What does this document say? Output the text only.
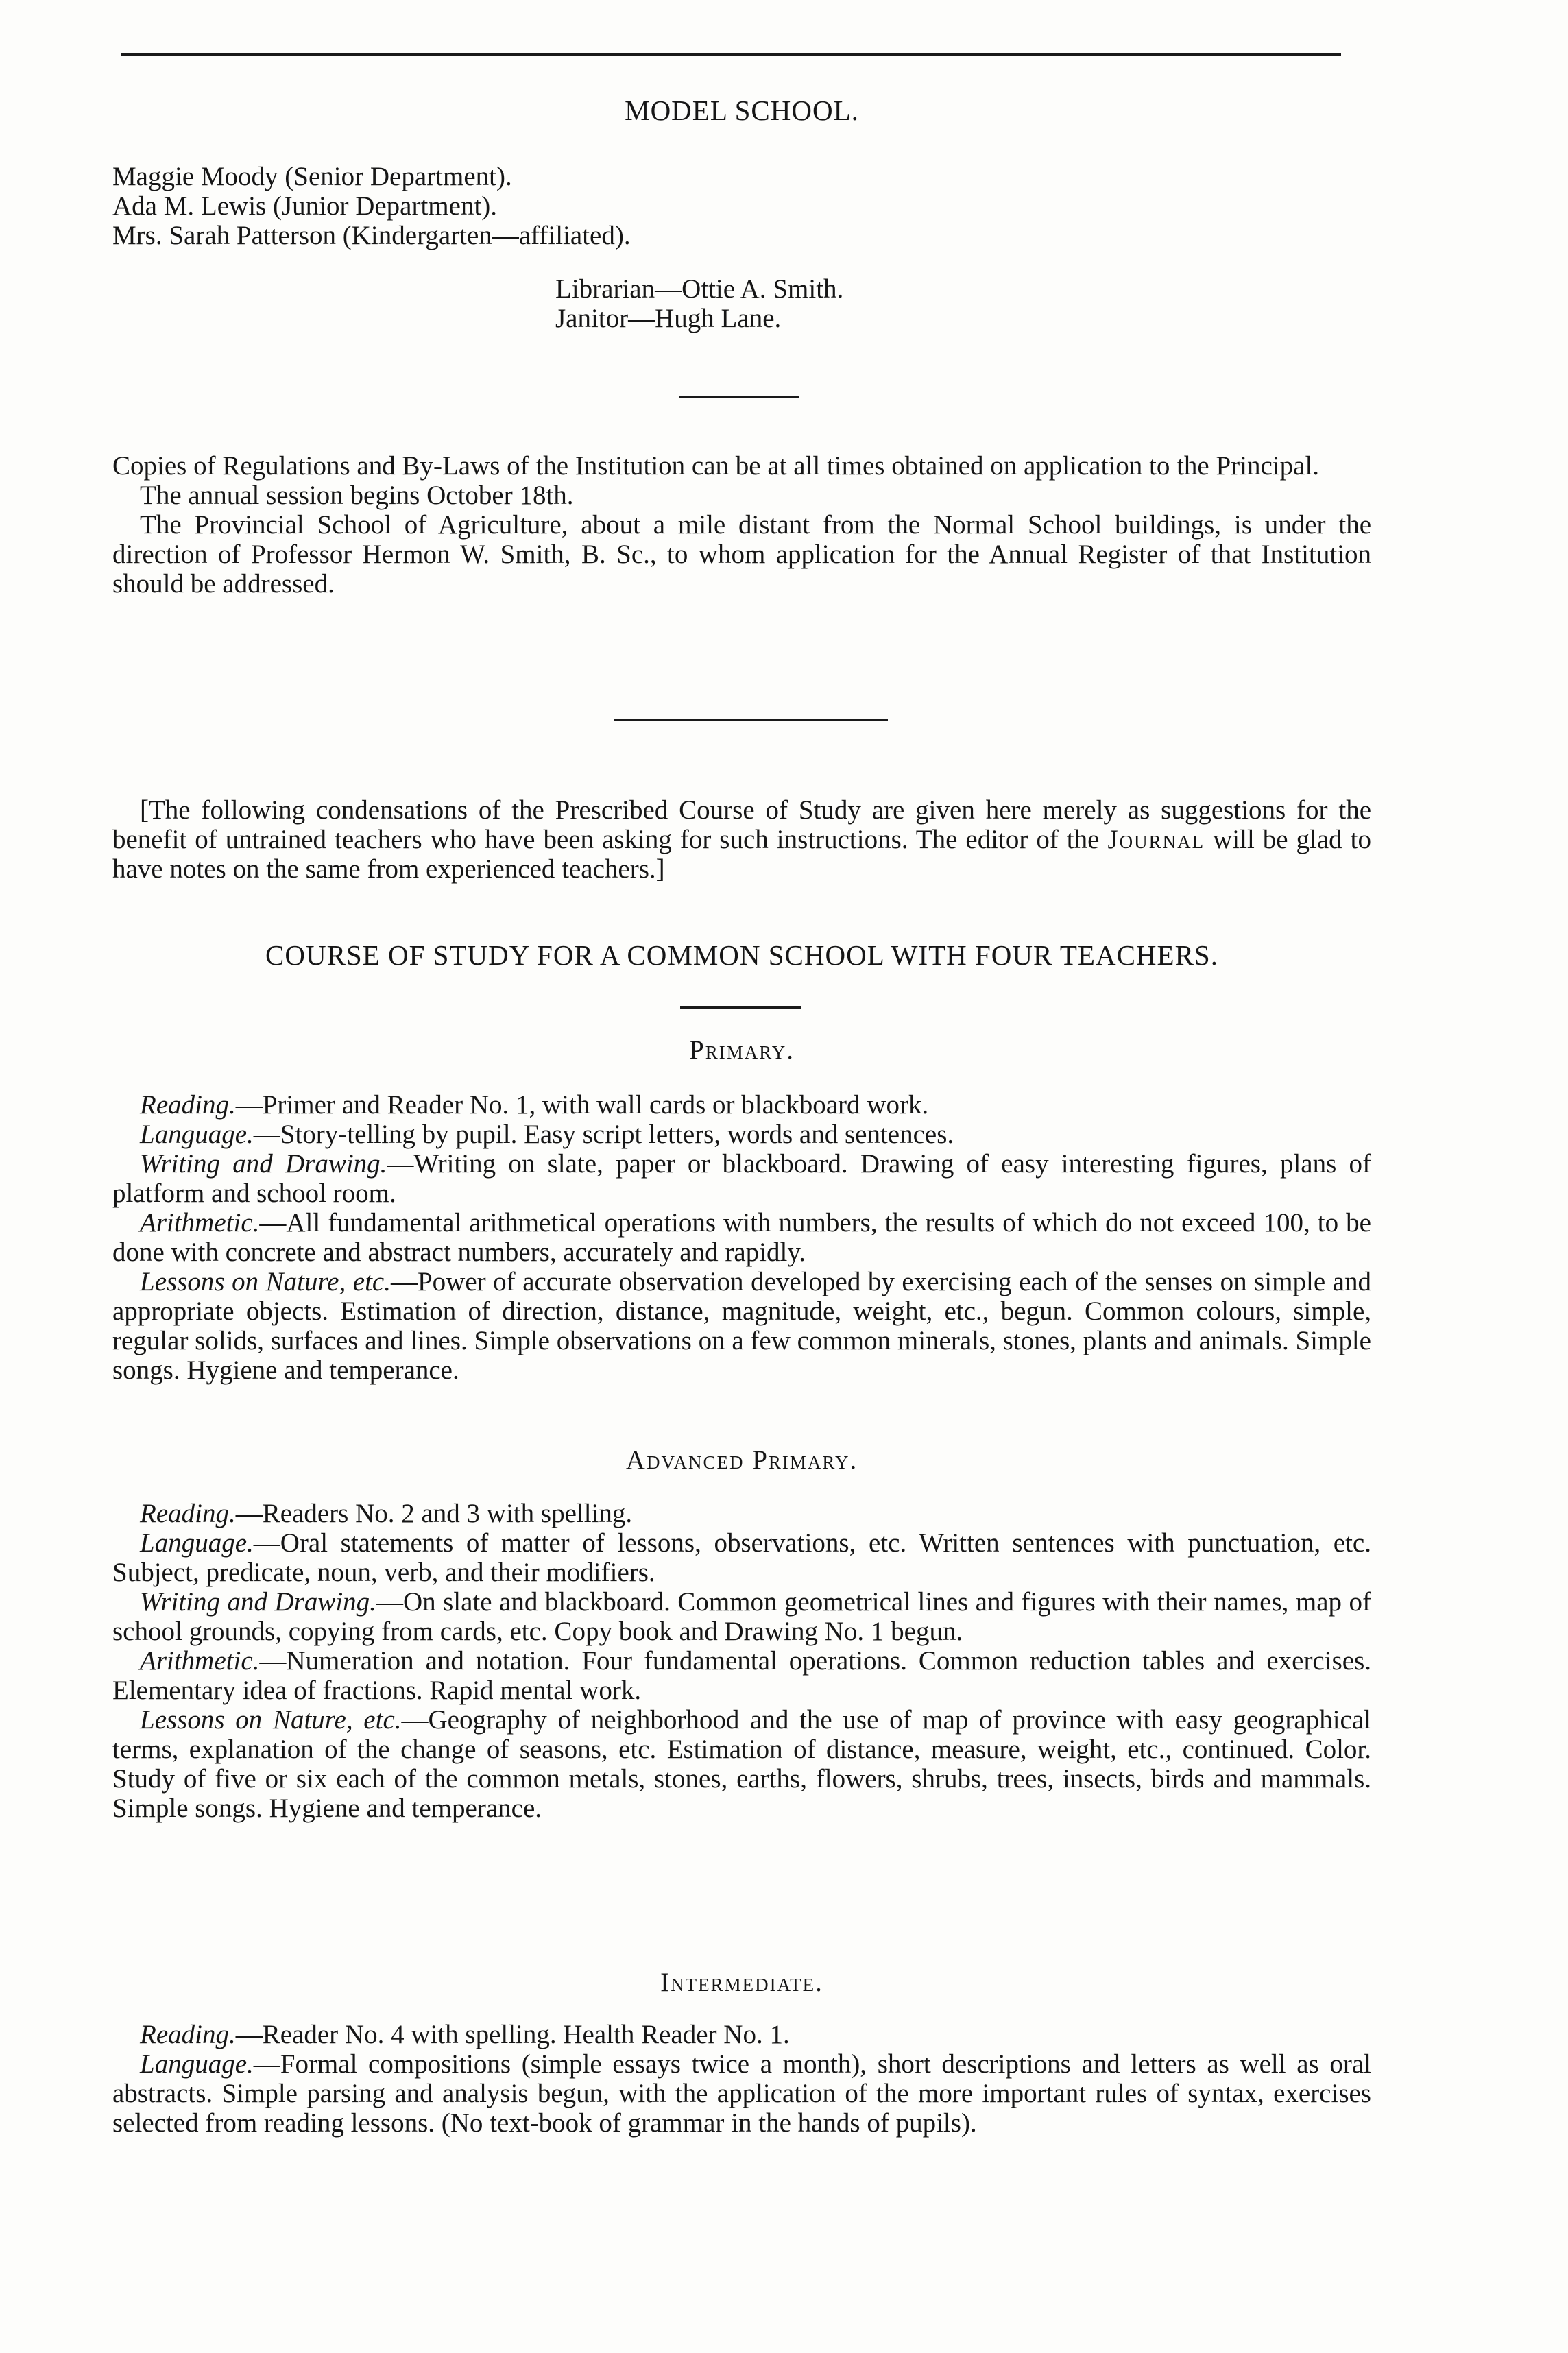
MODEL SCHOOL.
Maggie Moody (Senior Department).
Ada M. Lewis (Junior Department).
Mrs. Sarah Patterson (Kindergarten—affiliated).
Librarian—Ottie A. Smith.
Janitor—Hugh Lane.

Copies of Regulations and By-Laws of the Institution can be at all times obtained on application to the Principal.

The annual session begins October 18th.

The Provincial School of Agriculture, about a mile distant from the Normal School buildings, is under the direction of Professor Hermon W. Smith, B. Sc., to whom application for the Annual Register of that Institution should be addressed.

[The following condensations of the Prescribed Course of Study are given here merely as suggestions for the benefit of untrained teachers who have been asking for such instructions. The editor of the Journal will be glad to have notes on the same from experienced teachers.]

COURSE OF STUDY FOR A COMMON SCHOOL WITH FOUR TEACHERS.
Primary.

Reading.—Primer and Reader No. 1, with wall cards or blackboard work.

Language.—Story-telling by pupil. Easy script letters, words and sentences.

Writing and Drawing.—Writing on slate, paper or blackboard. Drawing of easy interesting figures, plans of platform and school room.

Arithmetic.—All fundamental arithmetical operations with numbers, the results of which do not exceed 100, to be done with concrete and abstract numbers, accurately and rapidly.

Lessons on Nature, etc.—Power of accurate observation developed by exercising each of the senses on simple and appropriate objects. Estimation of direction, distance, magnitude, weight, etc., begun. Common colours, simple, regular solids, surfaces and lines. Simple observations on a few common minerals, stones, plants and animals. Simple songs. Hygiene and temperance.

Advanced Primary.

Reading.—Readers No. 2 and 3 with spelling.

Language.—Oral statements of matter of lessons, observations, etc. Written sentences with punctuation, etc. Subject, predicate, noun, verb, and their modifiers.

Writing and Drawing.—On slate and blackboard. Common geometrical lines and figures with their names, map of school grounds, copying from cards, etc. Copy book and Drawing No. 1 begun.

Arithmetic.—Numeration and notation. Four fundamental operations. Common reduction tables and exercises. Elementary idea of fractions. Rapid mental work.

Lessons on Nature, etc.—Geography of neighborhood and the use of map of province with easy geographical terms, explanation of the change of seasons, etc. Estimation of distance, measure, weight, etc., continued. Color. Study of five or six each of the common metals, stones, earths, flowers, shrubs, trees, insects, birds and mammals. Simple songs. Hygiene and temperance.

Intermediate.

Reading.—Reader No. 4 with spelling. Health Reader No. 1.

Language.—Formal compositions (simple essays twice a month), short descriptions and letters as well as oral abstracts. Simple parsing and analysis begun, with the application of the more important rules of syntax, exercises selected from reading lessons. (No text-book of grammar in the hands of pupils).
